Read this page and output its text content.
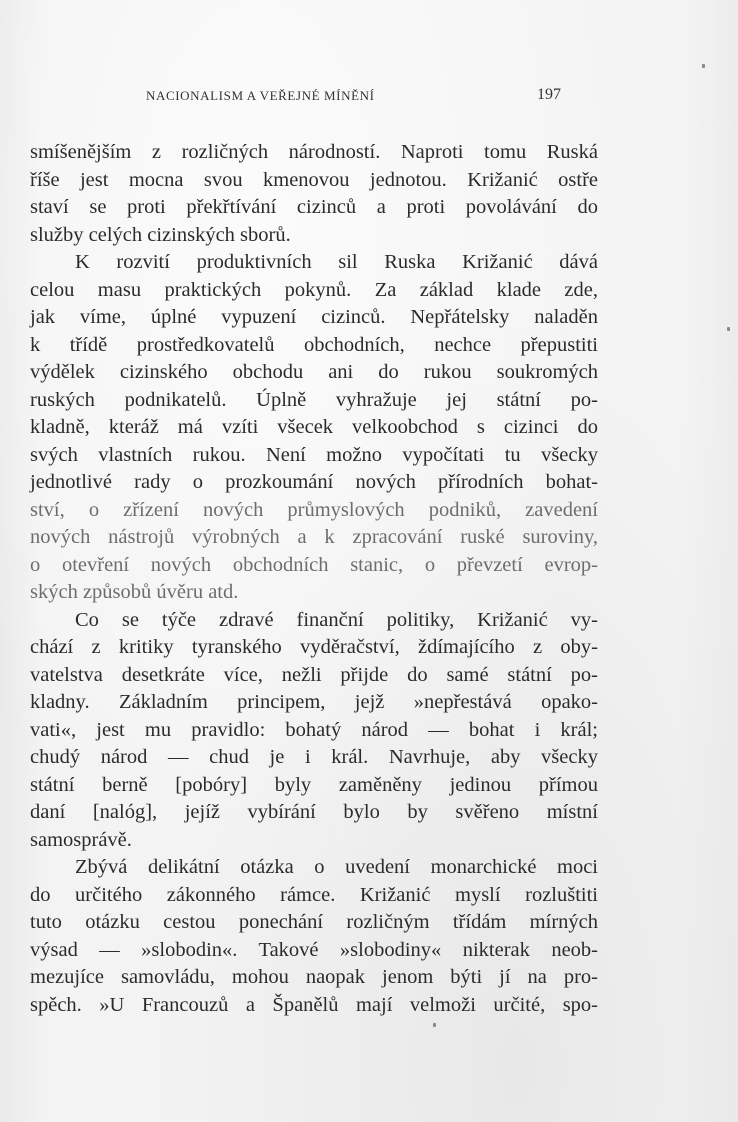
NACIONALISM A VEŘEJNÉ MÍNĚNÍ	197
smíšenějším z rozličných národností. Naproti tomu Ruská
říše jest mocna svou kmenovou jednotou. Križanić ostře
staví se proti překřtívání cizinců a proti povolávání do
služby celých cizinských sborů.
K rozvití produktivních sil Ruska Križanić dává
celou masu praktických pokynů. Za základ klade zde,
jak víme, úplné vypuzení cizinců. Nepřátelsky naladěn
k třídě prostředkovatelů obchodních, nechce přepustiti
výdělek cizinského obchodu ani do rukou soukromých
ruských podnikatelů. Úplně vyhražuje jej státní po-
kladně, kteráž má vzíti všecek velkoobchod s cizinci do
svých vlastních rukou. Není možno vypočítati tu všecky
jednotlivé rady o prozkoumání nových přírodních bohat-
ství, o zřízení nových průmyslových podniků, zavedení
nových nástrojů výrobných a k zpracování ruské suroviny,
o otevření nových obchodních stanic, o převzetí evrop-
ských způsobů úvěru atd.
Co se týče zdravé finanční politiky, Križanić vy-
chází z kritiky tyranského vyděračství, ždímajícího z oby-
vatelstva desetkráte více, nežli přijde do samé státní po-
kladny. Základním principem, jejž »nepřestává opako-
vati«, jest mu pravidlo: bohatý národ — bohat i král;
chudý národ — chud je i král. Navrhuje, aby všecky
státní berně [pobóry] byly zaměněny jedinou přímou
daní [nalóg], jejíž vybírání bylo by svěřeno místní
samosprávě.
Zbývá delikátní otázka o uvedení monarchické moci
do určitého zákonného rámce. Križanić myslí rozluštiti
tuto otázku cestou ponechání rozličným třídám mírných
výsad — »slobodin«. Takové »slobodiny« nikterak neob-
mezujíce samovládu, mohou naopak jenom býti jí na pro-
spěch. »U Francouzů a Španělů mají velmoži určité, spo-
